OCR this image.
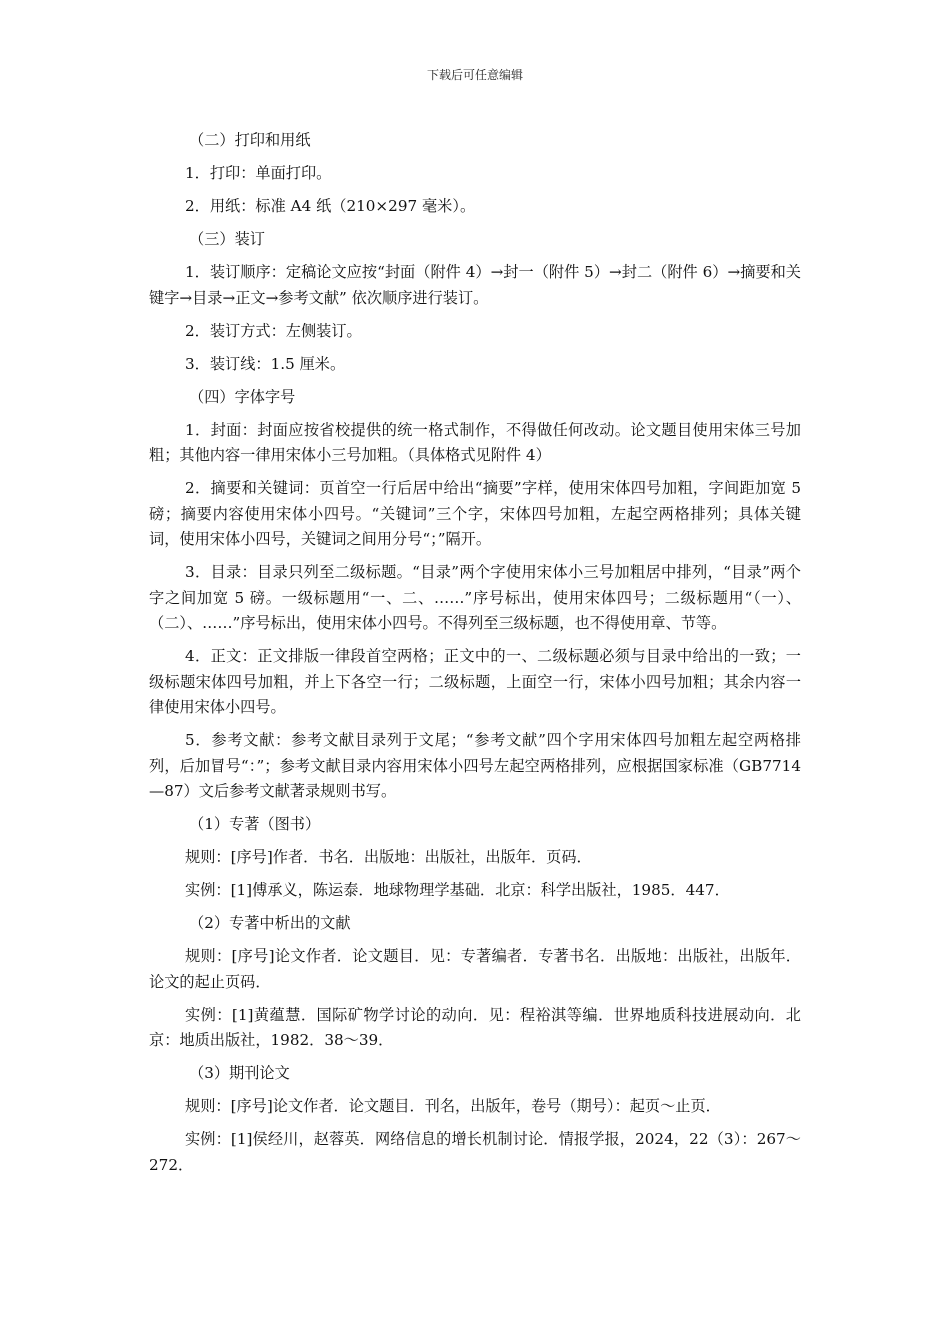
下载后可任意编辑

（二）打印和用纸

1．打印：单面打印。

2．用纸：标准 A4 纸（210×297 毫米）。

（三）装订

1．装订顺序：定稿论文应按“封面（附件 4）→封一（附件 5）→封二（附件 6）→摘要和关键字→目录→正文→参考文献” 依次顺序进行装订。

2．装订方式：左侧装订。

3．装订线：1.5 厘米。

（四）字体字号

1．封面：封面应按省校提供的统一格式制作，不得做任何改动。论文题目使用宋体三号加粗；其他内容一律用宋体小三号加粗。（具体格式见附件 4）

2．摘要和关键词：页首空一行后居中给出“摘要”字样，使用宋体四号加粗，字间距加宽 5 磅；摘要内容使用宋体小四号。“关键词”三个字，宋体四号加粗，左起空两格排列；具体关键词，使用宋体小四号，关键词之间用分号“；”隔开。

3．目录：目录只列至二级标题。“目录”两个字使用宋体小三号加粗居中排列，“目录”两个字之间加宽 5 磅。一级标题用“一、二、……”序号标出，使用宋体四号；二级标题用“（一）、（二）、……”序号标出，使用宋体小四号。不得列至三级标题，也不得使用章、节等。

4．正文：正文排版一律段首空两格；正文中的一、二级标题必须与目录中给出的一致；一级标题宋体四号加粗，并上下各空一行；二级标题，上面空一行，宋体小四号加粗；其余内容一律使用宋体小四号。

5．参考文献：参考文献目录列于文尾；“参考文献”四个字用宋体四号加粗左起空两格排列，后加冒号“：”；参考文献目录内容用宋体小四号左起空两格排列，应根据国家标准（GB7714—87）文后参考文献著录规则书写。

（1）专著（图书）

规则：[序号]作者．书名．出版地：出版社，出版年．页码．

实例：[1]傅承义，陈运泰．地球物理学基础．北京：科学出版社，1985．447．

（2）专著中析出的文献

规则：[序号]论文作者．论文题目．见：专著编者．专著书名．出版地：出版社，出版年．论文的起止页码．

实例：[1]黄蕴慧．国际矿物学讨论的动向．见：程裕淇等编．世界地质科技进展动向．北京：地质出版社，1982．38～39．

（3）期刊论文

规则：[序号]论文作者．论文题目．刊名，出版年，卷号（期号）：起页～止页．

实例：[1]侯经川，赵蓉英．网络信息的增长机制讨论．情报学报，2024，22（3）：267～272．
